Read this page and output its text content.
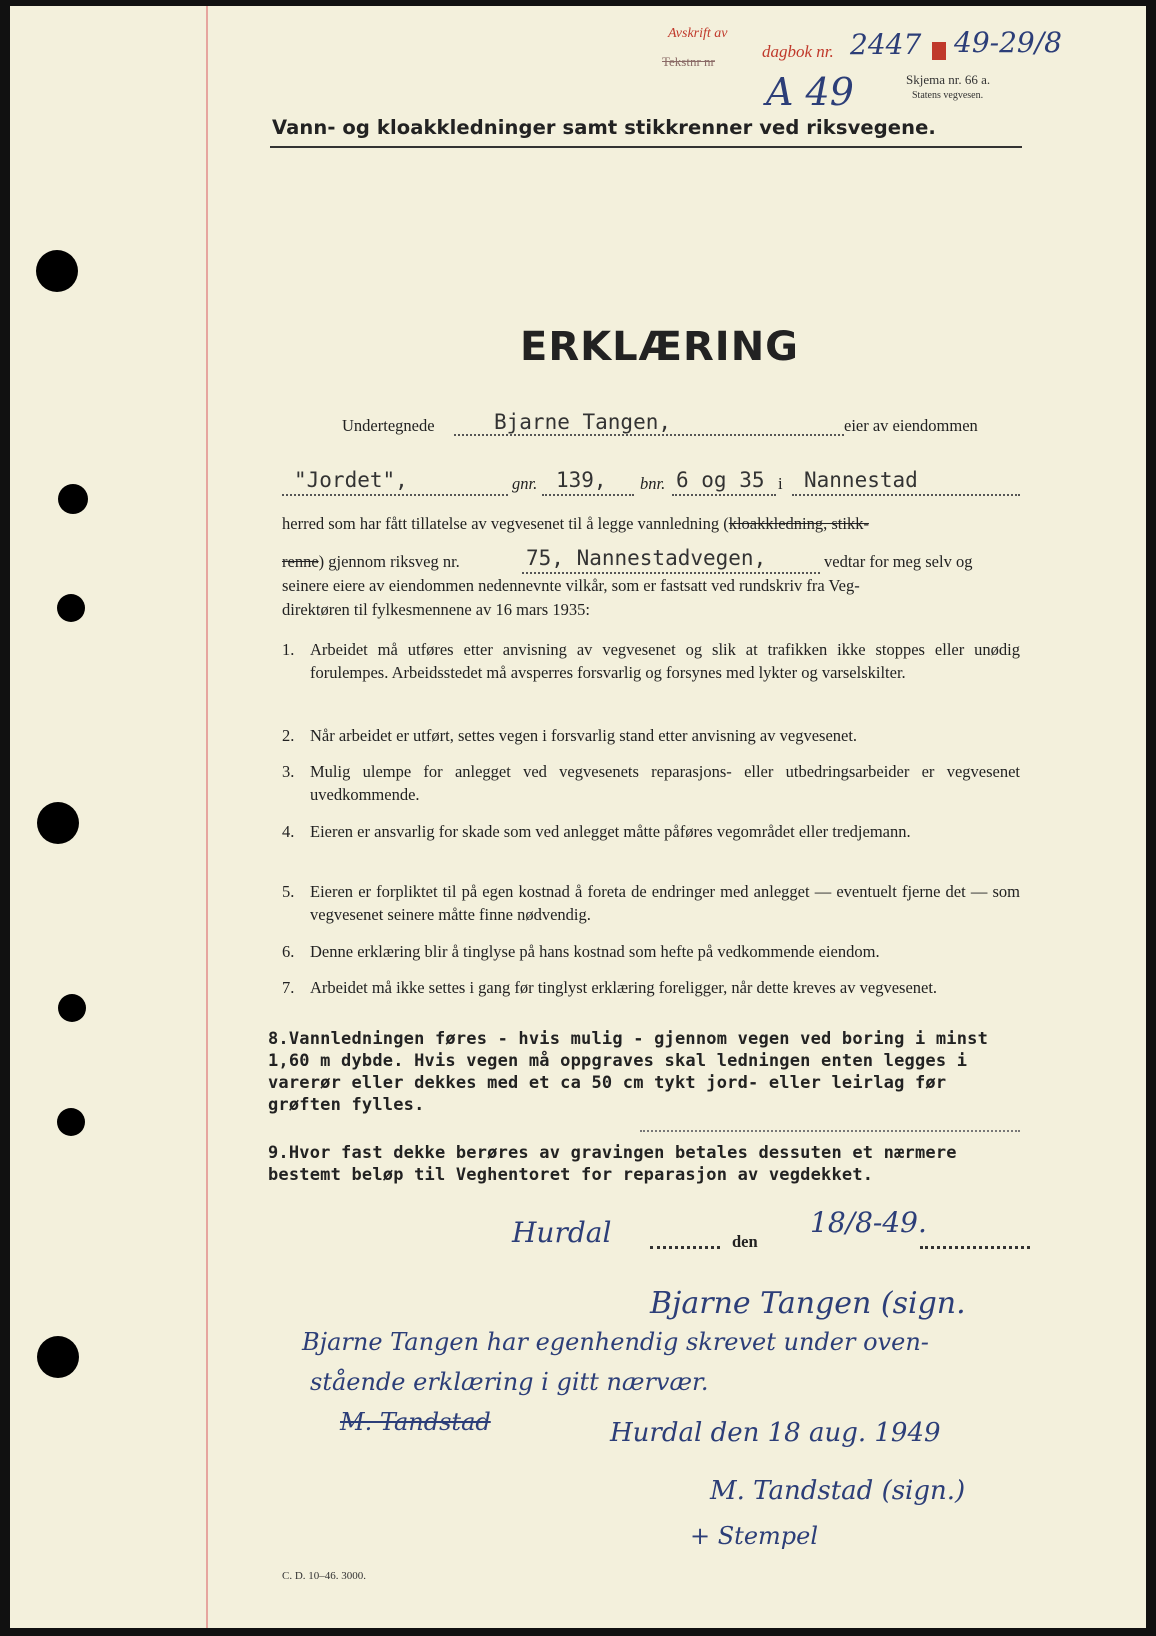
Avskrift av
Tekstnr nr
dagbok nr. 2447 49-29/8
A 49	Skjema nr. 66 a.
Statens vegvesen.
Vann- og kloakkledninger samt stikkrenner ved riksvegene.
ERKLÆRING
Undertegnede	Bjarne Tangen,	eier av eiendommen
"Jordet",	gnr. 139, bnr. 6 og 35 i Nannestad
herred som har fått tillatelse av vegvesenet til å legge vannledning (kloakkledning, stikk-
renne) gjennom riksveg nr.	75, Nannestadvegen,	vedtar for meg selv og
seinere eiere av eiendommen nedennevnte vilkår, som er fastsatt ved rundskriv fra Veg-
direktøren til fylkesmennene av 16 mars 1935:
1. Arbeidet må utføres etter anvisning av vegvesenet og slik at trafikken ikke stoppes eller unødig forulempes. Arbeidsstedet må avsperres forsvarlig og forsynes med lykter og varselskilter.
2. Når arbeidet er utført, settes vegen i forsvarlig stand etter anvisning av vegvesenet.
3. Mulig ulempe for anlegget ved vegvesenets reparasjons- eller utbedringsarbeider er vegvesenet uvedkommende.
4. Eieren er ansvarlig for skade som ved anlegget måtte påføres vegområdet eller tredjemann.
5. Eieren er forpliktet til på egen kostnad å foreta de endringer med anlegget — eventuelt fjerne det — som vegvesenet seinere måtte finne nødvendig.
6. Denne erklæring blir å tinglyse på hans kostnad som hefte på vedkommende eiendom.
7. Arbeidet må ikke settes i gang før tinglyst erklæring foreligger, når dette kreves av vegvesenet.
8.Vannledningen føres - hvis mulig - gjennom vegen ved boring i minst 1,60 m dybde. Hvis vegen må oppgraves skal ledningen enten legges i varerør eller dekkes med et ca 50 cm tykt jord- eller leirlag før grøften fylles.
9.Hvor fast dekke berøres av gravingen betales dessuten et nærmere bestemt beløp til Veghentoret for reparasjon av vegdekket.
Hurdal	den
18/8-49.
Bjarne Tangen (sign.
Bjarne Tangen har egenhendig skrevet under oven-
stående erklæring i gitt nærvær.
M. Tandstad	Hurdal den 18 aug. 1949
M. Tandstad (sign.)
+ Stempel
C. D. 10–46. 3000.
